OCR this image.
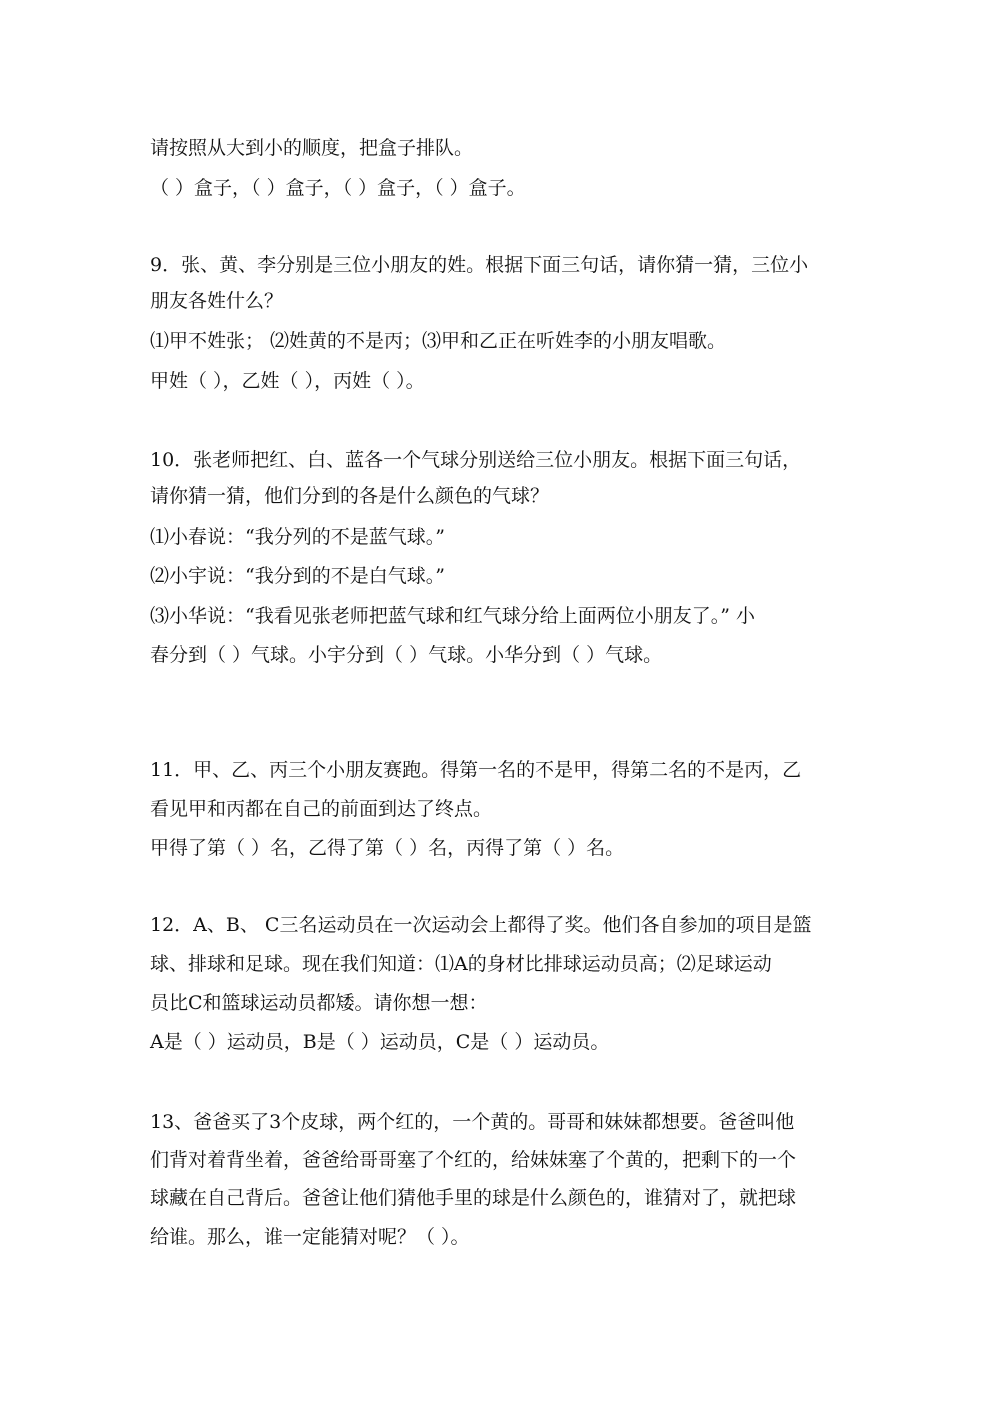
请按照从大到小的顺度，把盒子排队。
（ ）盒子，（ ）盒子，（ ）盒子，（ ）盒子。
9．张、黄、李分别是三位小朋友的姓。根据下面三句话，请你猜一猜，三位小
朋友各姓什么？
⑴甲不姓张； ⑵姓黄的不是丙；⑶甲和乙正在听姓李的小朋友唱歌。
甲姓（ ），乙姓（ ），丙姓（ ）。
10．张老师把红、白、蓝各一个气球分别送给三位小朋友。根据下面三句话，
请你猜一猜，他们分到的各是什么颜色的气球？
⑴小春说：“我分列的不是蓝气球。”
⑵小宇说：“我分到的不是白气球。”
⑶小华说：“我看见张老师把蓝气球和红气球分给上面两位小朋友了。” 小
春分到（ ）气球。小宇分到（ ）气球。小华分到（ ）气球。
11．甲、乙、丙三个小朋友赛跑。得第一名的不是甲，得第二名的不是丙，乙
看见甲和丙都在自己的前面到达了终点。
甲得了第（ ）名，乙得了第（ ）名，丙得了第（ ）名。
12．A、B、 C三名运动员在一次运动会上都得了奖。他们各自参加的项目是篮
球、排球和足球。现在我们知道：⑴A的身材比排球运动员高；⑵足球运动
员比C和篮球运动员都矮。请你想一想：
A是（ ）运动员，B是（ ）运动员，C是（ ）运动员。
13、爸爸买了3个皮球，两个红的，一个黄的。哥哥和妹妹都想要。爸爸叫他
们背对着背坐着，爸爸给哥哥塞了个红的，给妹妹塞了个黄的，把剩下的一个
球藏在自己背后。爸爸让他们猜他手里的球是什么颜色的，谁猜对了，就把球
给谁。那么，谁一定能猜对呢？（ ）。
